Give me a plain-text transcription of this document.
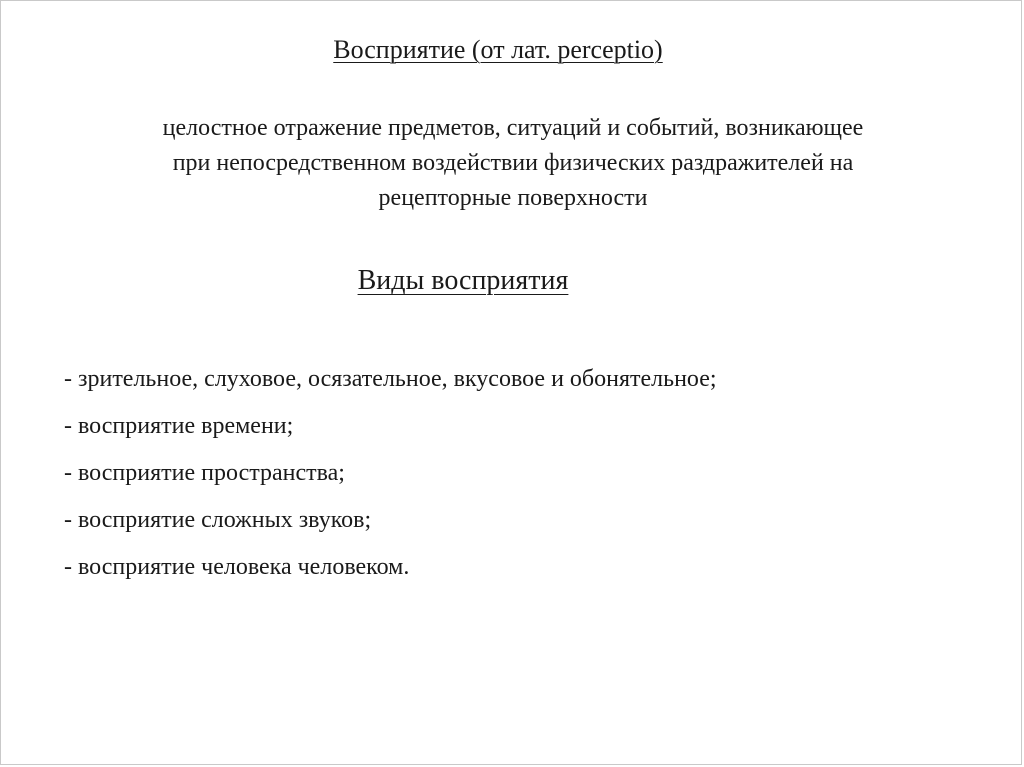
Восприятие (от лат. perceptio)
целостное отражение предметов, ситуаций и событий, возникающее
при непосредственном воздействии физических раздражителей на
рецепторные поверхности
Виды восприятия
- зрительное, слуховое, осязательное, вкусовое и обонятельное;
- восприятие времени;
- восприятие пространства;
- восприятие сложных звуков;
- восприятие человека человеком.
